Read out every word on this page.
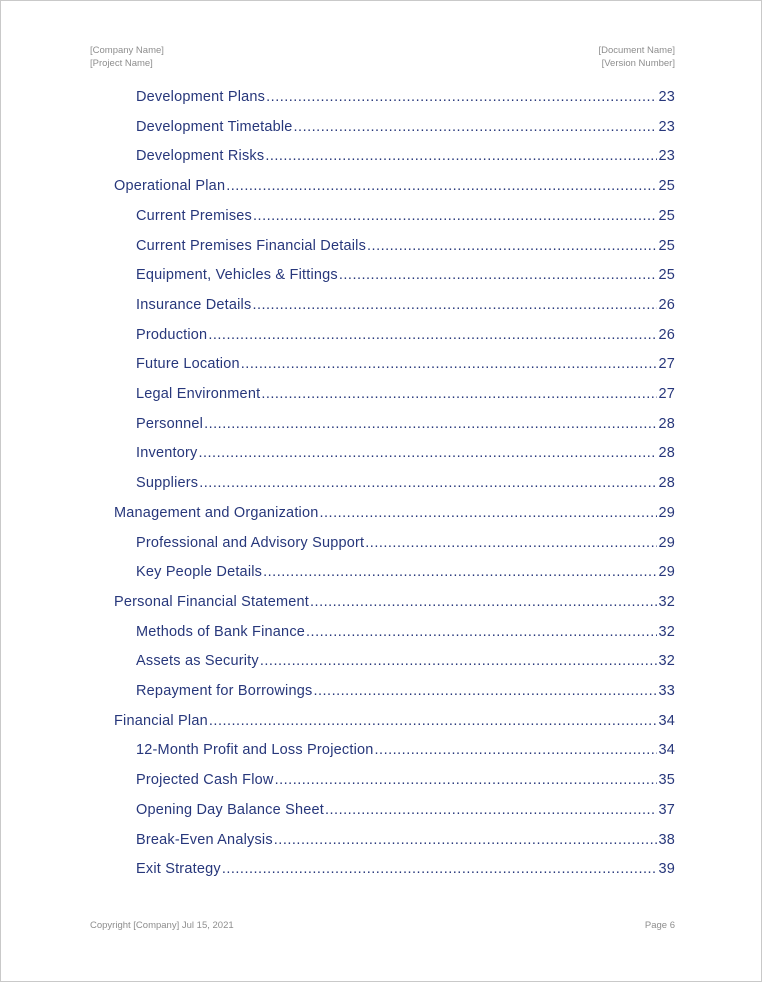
[Company Name]
[Project Name]
[Document Name]
[Version Number]
Development Plans .....	23
Development Timetable .....	23
Development Risks .....	23
Operational Plan .....	25
Current Premises .....	25
Current Premises Financial Details .....	25
Equipment, Vehicles & Fittings .....	25
Insurance Details .....	26
Production .....	26
Future Location .....	27
Legal Environment .....	27
Personnel .....	28
Inventory .....	28
Suppliers .....	28
Management and Organization .....	29
Professional and Advisory Support .....	29
Key People Details .....	29
Personal Financial Statement .....	32
Methods of Bank Finance .....	32
Assets as Security .....	32
Repayment for Borrowings .....	33
Financial Plan .....	34
12-Month Profit and Loss Projection .....	34
Projected Cash Flow .....	35
Opening Day Balance Sheet .....	37
Break-Even Analysis .....	38
Exit Strategy .....	39
Copyright [Company] Jul 15, 2021	Page 6
